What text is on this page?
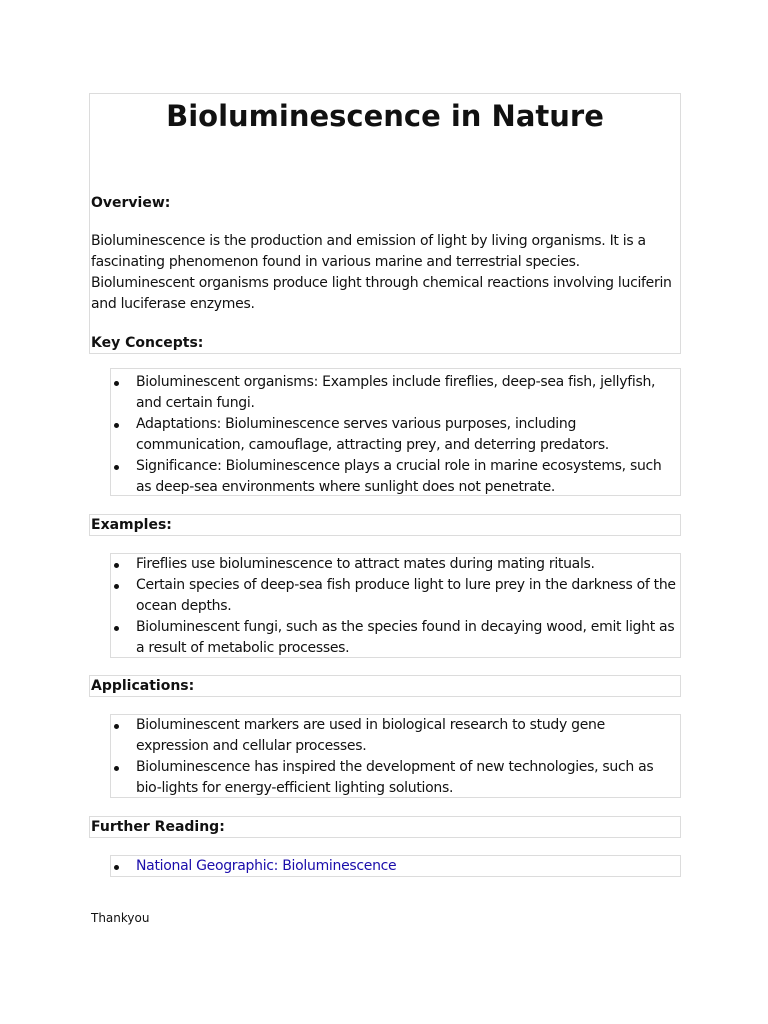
Bioluminescence in Nature
Overview:

Bioluminescence is the production and emission of light by living organisms. It is a fascinating phenomenon found in various marine and terrestrial species. Bioluminescent organisms produce light through chemical reactions involving luciferin and luciferase enzymes.

Key Concepts:
Bioluminescent organisms: Examples include fireflies, deep-sea fish, jellyfish, and certain fungi.
Adaptations: Bioluminescence serves various purposes, including communication, camouflage, attracting prey, and deterring predators.
Significance: Bioluminescence plays a crucial role in marine ecosystems, such as deep-sea environments where sunlight does not penetrate.
Examples:
Fireflies use bioluminescence to attract mates during mating rituals.
Certain species of deep-sea fish produce light to lure prey in the darkness of the ocean depths.
Bioluminescent fungi, such as the species found in decaying wood, emit light as a result of metabolic processes.
Applications:
Bioluminescent markers are used in biological research to study gene expression and cellular processes.
Bioluminescence has inspired the development of new technologies, such as bio-lights for energy-efficient lighting solutions.
Further Reading:
National Geographic: Bioluminescence

Thankyou
